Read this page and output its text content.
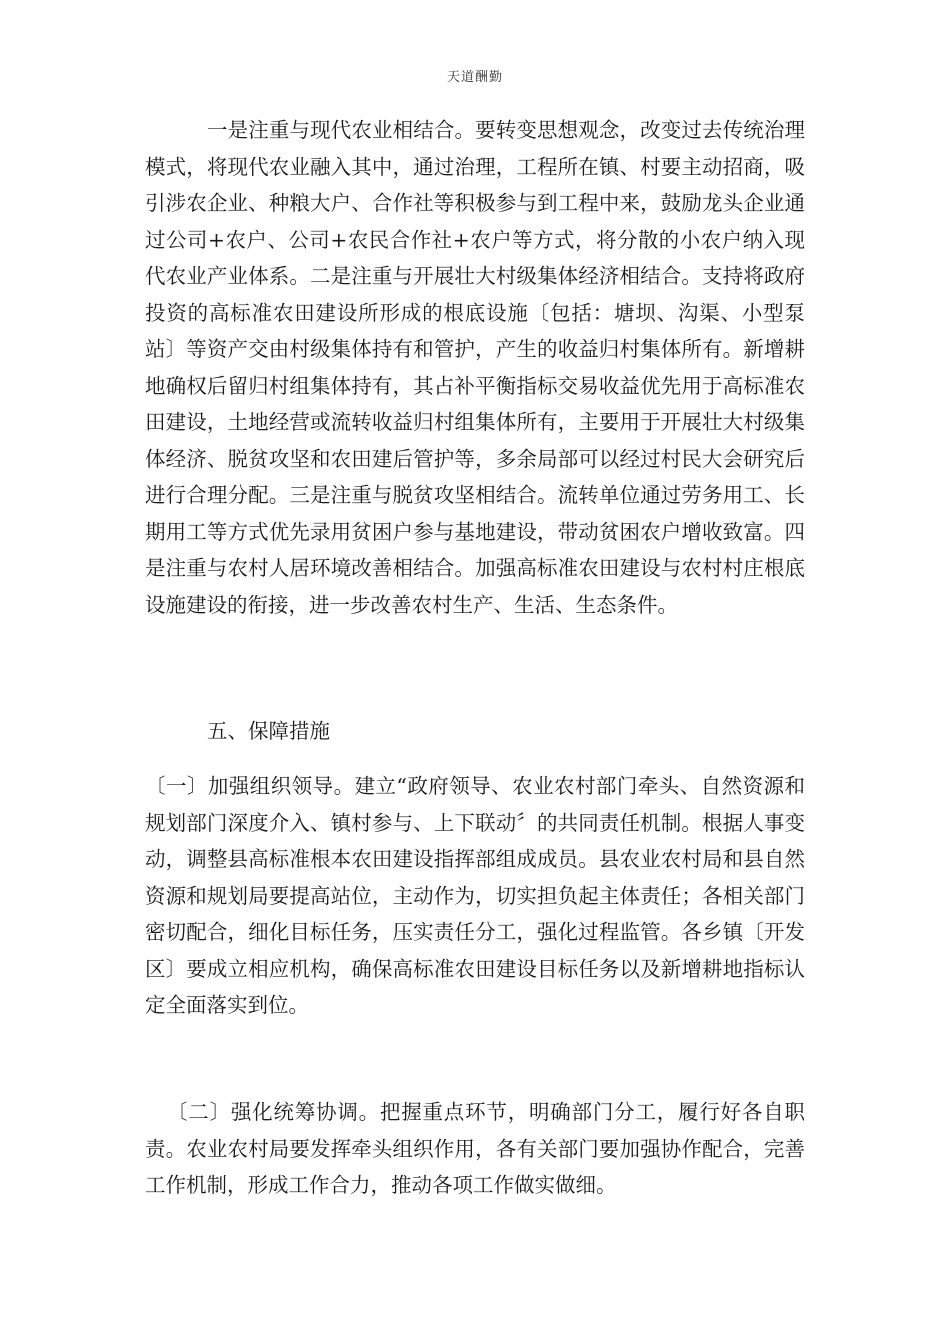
天道酬勤
一是注重与现代农业相结合。要转变思想观念，改变过去传统治理模式，将现代农业融入其中，通过治理，工程所在镇、村要主动招商，吸引涉农企业、种粮大户、合作社等积极参与到工程中来，鼓励龙头企业通过公司+农户、公司+农民合作社+农户等方式，将分散的小农户纳入现代农业产业体系。二是注重与开展壮大村级集体经济相结合。支持将政府投资的高标准农田建设所形成的根底设施〔包括：塘坝、沟渠、小型泵站〕等资产交由村级集体持有和管护，产生的收益归村集体所有。新增耕地确权后留归村组集体持有，其占补平衡指标交易收益优先用于高标准农田建设，土地经营或流转收益归村组集体所有，主要用于开展壮大村级集体经济、脱贫攻坚和农田建后管护等，多余局部可以经过村民大会研究后进行合理分配。三是注重与脱贫攻坚相结合。流转单位通过劳务用工、长期用工等方式优先录用贫困户参与基地建设，带动贫困农户增收致富。四是注重与农村人居环境改善相结合。加强高标准农田建设与农村村庄根底设施建设的衔接，进一步改善农村生产、生活、生态条件。
五、保障措施
〔一〕加强组织领导。建立“政府领导、农业农村部门牵头、自然资源和规划部门深度介入、镇村参与、上下联动〞的共同责任机制。根据人事变动，调整县高标准根本农田建设指挥部组成成员。县农业农村局和县自然资源和规划局要提高站位，主动作为，切实担负起主体责任；各相关部门密切配合，细化目标任务，压实责任分工，强化过程监管。各乡镇〔开发区〕要成立相应机构，确保高标准农田建设目标任务以及新增耕地指标认定全面落实到位。
〔二〕强化统筹协调。把握重点环节，明确部门分工，履行好各自职责。农业农村局要发挥牵头组织作用，各有关部门要加强协作配合，完善工作机制，形成工作合力，推动各项工作做实做细。
